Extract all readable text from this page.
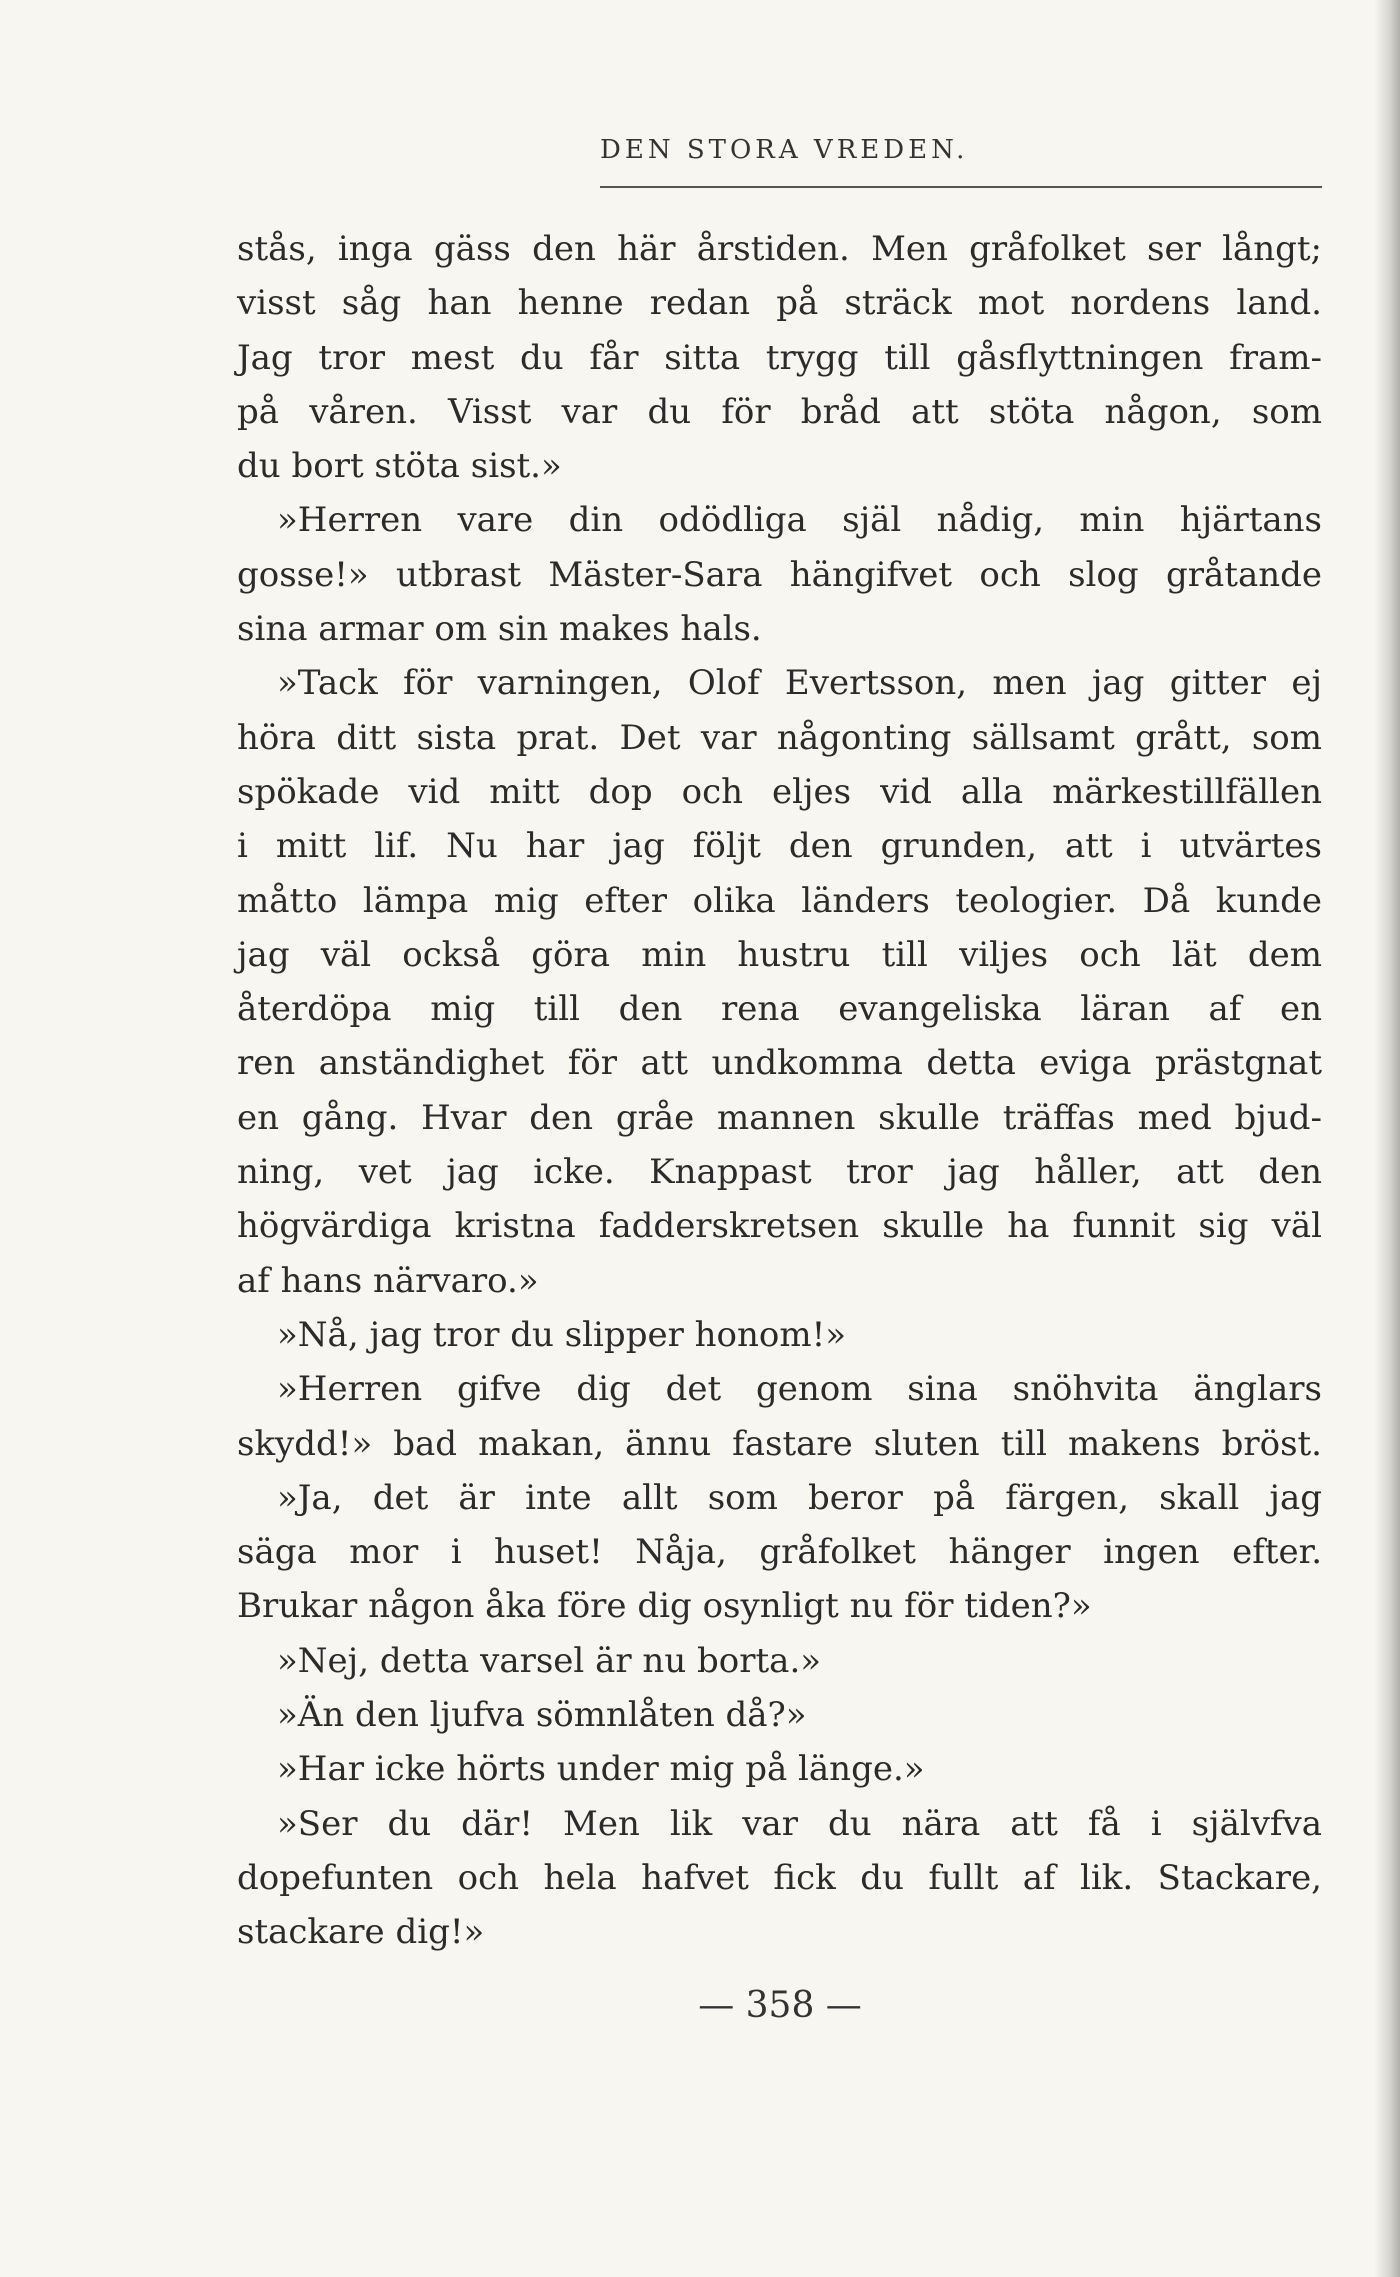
DEN STORA VREDEN.
stås, inga gäss den här årstiden. Men gråfolket ser långt;
visst såg han henne redan på sträck mot nordens land.
Jag tror mest du får sitta trygg till gåsflyttningen fram-
på våren. Visst var du för bråd att stöta någon, som
du bort stöta sist.»
»Herren vare din odödliga själ nådig, min hjärtans
gosse!» utbrast Mäster-Sara hängifvet och slog gråtande
sina armar om sin makes hals.
»Tack för varningen, Olof Evertsson, men jag gitter ej
höra ditt sista prat. Det var någonting sällsamt grått, som
spökade vid mitt dop och eljes vid alla märkestillfällen
i mitt lif. Nu har jag följt den grunden, att i utvärtes
måtto lämpa mig efter olika länders teologier. Då kunde
jag väl också göra min hustru till viljes och lät dem
återdöpa mig till den rena evangeliska läran af en
ren anständighet för att undkomma detta eviga prästgnat
en gång. Hvar den gråe mannen skulle träffas med bjud-
ning, vet jag icke. Knappast tror jag håller, att den
högvärdiga kristna fadderskretsen skulle ha funnit sig väl
af hans närvaro.»
»Nå, jag tror du slipper honom!»
»Herren gifve dig det genom sina snöhvita änglars
skydd!» bad makan, ännu fastare sluten till makens bröst.
»Ja, det är inte allt som beror på färgen, skall jag
säga mor i huset! Nåja, gråfolket hänger ingen efter.
Brukar någon åka före dig osynligt nu för tiden?»
»Nej, detta varsel är nu borta.»
»Än den ljufva sömnlåten då?»
»Har icke hörts under mig på länge.»
»Ser du där! Men lik var du nära att få i självfva
dopefunten och hela hafvet fick du fullt af lik. Stackare,
stackare dig!»
— 358 —
